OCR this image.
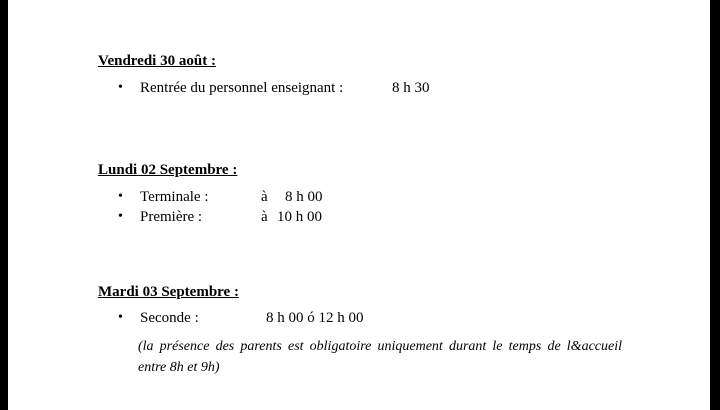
Vendredi 30 août :
• Rentrée du personnel enseignant :	8 h 30
Lundi 02 Septembre :
• Terminale :	à 8 h 00
• Première :	à 10 h 00
Mardi 03 Septembre :
• Seconde :	8 h 00 ó 12 h 00
(la présence des parents est obligatoire uniquement durant le temps de l&accueil entre 8h et 9h)
